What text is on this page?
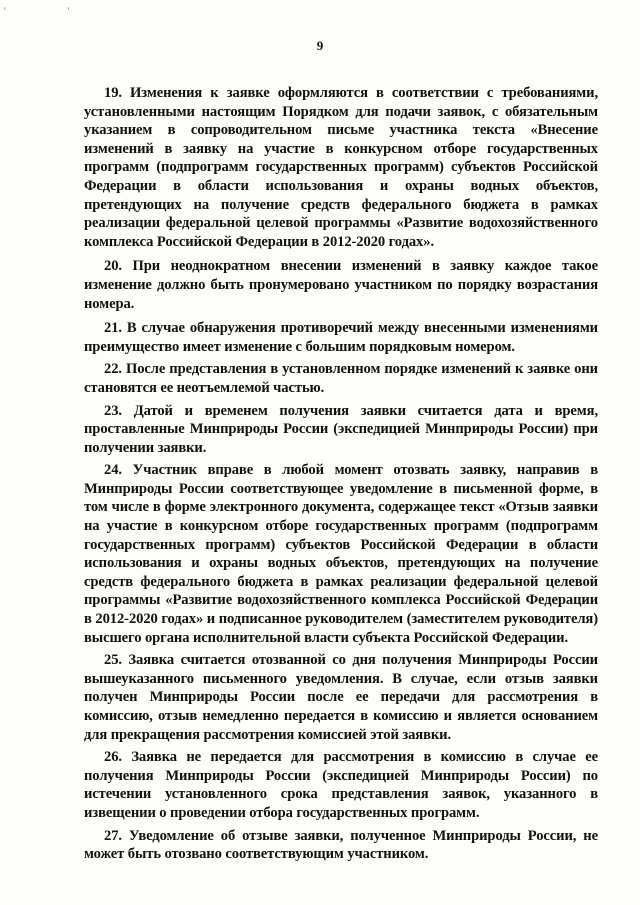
' '
9

19. Изменения к заявке оформляются в соответствии с требованиями, установленными настоящим Порядком для подачи заявок, с обязательным указанием в сопроводительном письме участника текста «Внесение изменений в заявку на участие в конкурсном отборе государственных программ (подпрограмм государственных программ) субъектов Российской Федерации в области использования и охраны водных объектов, претендующих на получение средств федерального бюджета в рамках реализации федеральной целевой программы «Развитие водохозяйственного комплекса Российской Федерации в 2012-2020 годах».

20. При неоднократном внесении изменений в заявку каждое такое изменение должно быть пронумеровано участником по порядку возрастания номера.

21. В случае обнаружения противоречий между внесенными изменениями преимущество имеет изменение с большим порядковым номером.

22. После представления в установленном порядке изменений к заявке они становятся ее неотъемлемой частью.

23. Датой и временем получения заявки считается дата и время, проставленные Минприроды России (экспедицией Минприроды России) при получении заявки.

24. Участник вправе в любой момент отозвать заявку, направив в Минприроды России соответствующее уведомление в письменной форме, в том числе в форме электронного документа, содержащее текст «Отзыв заявки на участие в конкурсном отборе государственных программ (подпрограмм государственных программ) субъектов Российской Федерации в области использования и охраны водных объектов, претендующих на получение средств федерального бюджета в рамках реализации федеральной целевой программы «Развитие водохозяйственного комплекса Российской Федерации в 2012-2020 годах» и подписанное руководителем (заместителем руководителя) высшего органа исполнительной власти субъекта Российской Федерации.

25. Заявка считается отозванной со дня получения Минприроды России вышеуказанного письменного уведомления. В случае, если отзыв заявки получен Минприроды России после ее передачи для рассмотрения в комиссию, отзыв немедленно передается в комиссию и является основанием для прекращения рассмотрения комиссией этой заявки.

26. Заявка не передается для рассмотрения в комиссию в случае ее получения Минприроды России (экспедицией Минприроды России) по истечении установленного срока представления заявок, указанного в извещении о проведении отбора государственных программ.

27. Уведомление об отзыве заявки, полученное Минприроды России, не может быть отозвано соответствующим участником.
